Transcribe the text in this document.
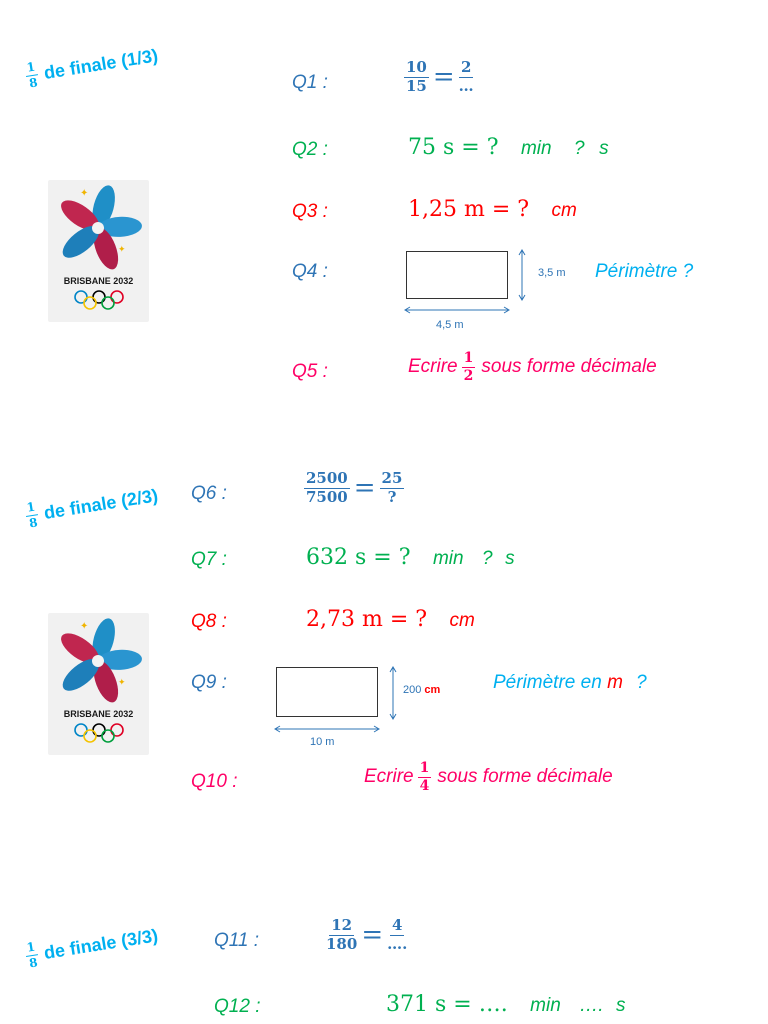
$\frac{1}{8}$ de finale (1/3)
✦
✦
BRISBANE 2032
Q1 :	$\frac{10}{15} = \frac{2}{\dots}$
Q2 :	75 s = ? min ? s
Q3 :	1,25 m = ? cm
Q4 :	3,5 m
4,5 m
Périmètre ?
Q5 :	Ecrire $\frac{1}{2}$ sous forme décimale
$\frac{1}{8}$ de finale (2/3)
✦
✦
BRISBANE 2032
Q6 :	$\frac{2500}{7500} = \frac{25}{?}$
Q7 :	632 s = ? min ? s
Q8 :	2,73 m = ? cm
Q9 :	200 cm
10 m
Périmètre en m ?
Q10 :	Ecrire $\frac{1}{4}$ sous forme décimale
$\frac{1}{8}$ de finale (3/3)	Q11 :	$\frac{12}{180} = \frac{4}{\dots.}$
Q12 :	371 s = …. min …. s
